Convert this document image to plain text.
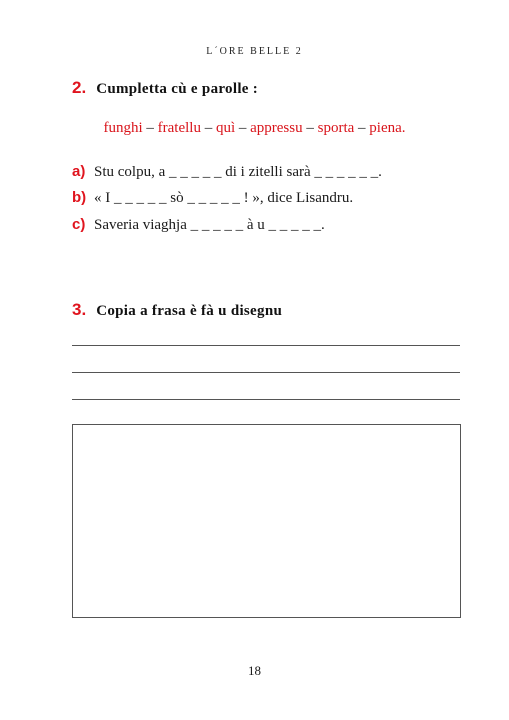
L´ORE BELLE 2
2. Cumpletta cù e parolle :
funghi – fratellu – quì – appressu – sporta – piena.
a) Stu colpu, a _ _ _ _ _ di i zitelli sarà _ _ _ _ _ _.
b) « I _ _ _ _ _ sò _ _ _ _ _ ! », dice Lisandru.
c) Saveria viaghja _ _ _ _ _ à u _ _ _ _ _.
3. Copia a frasa è fà u disegnu
18
